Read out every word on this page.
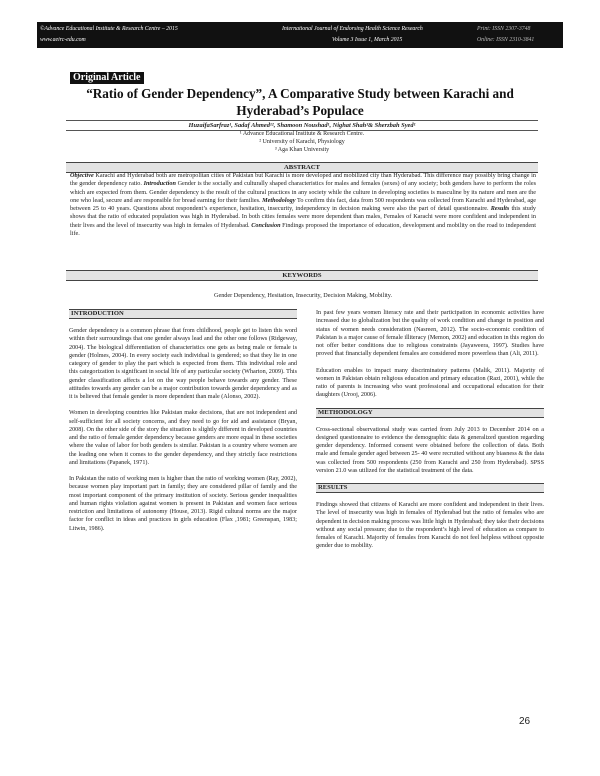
©Advance Educational Institute & Research Centre – 2015
www.aeirc-edu.com
International Journal of Endorsing Health Science Research
Volume 3 Issue 1, March 2015
Print: ISSN 2307-3748
Online: ISSN 2310-3841
Original Article
“Ratio of Gender Dependency”, A Comparative Study between Karachi and Hyderabad’s Populace
HuzaifaSarfraz¹, Sadaf Ahmed¹², Shamoon Noushad¹, Nighat Shah³& Sherzbah Syed¹
¹ Advance Educational Institute & Research Centre.
² University of Karachi, Physiology
³ Aga Khan University
ABSTRACT
Objective Karachi and Hyderabad both are metropolitan cities of Pakistan but Karachi is more developed and mobilized city than Hyderabad. This difference may possibly bring change in the gender dependency ratio. Introduction Gender is the socially and culturally shaped characteristics for males and females (sexes) of any society; both genders have to perform the roles which are expected from them. Gender dependency is the result of the cultural practices in any society while the culture in developing societies is masculine by its nature and men are the one who lead, secure and are responsible for bread earning for their families. Methodology To confirm this fact, data from 500 respondents was collected from Karachi and Hyderabad, age between 25 to 40 years. Questions about respondent’s experience, hesitation, insecurity, independency in decision making were also the part of detail questionnaire. Results this study shows that the ratio of educated population was high in Hyderabad. In both cities females were more dependent than males, Females of Karachi were more confident and independent in their lives and the level of insecurity was high in females of Hyderabad. Conclusion Findings proposed the importance of education, development and mobility on the road to independent life.
KEYWORDS
Gender Dependency, Hesitation, Insecurity, Decision Making, Mobility.
INTRODUCTION

Gender dependency is a common phrase that from childhood, people get to listen this word within their surroundings that one gender always lead and the other one follows (Ridgeway, 2004). The biological differentiation of characteristics one gets as being male or female is gender (Holmes, 2004). In every society each individual is gendered; so that they lie in one category of gender to play the part which is expected from them. This individual role and this categorization is significant in social life of any particular society (Wharton, 2009). This gender classification affects a lot on the way people behave towards any gender. These attitudes towards any gender can be a major contribution towards gender dependency and as it is believed that female gender is more dependent than male (Alonso, 2002).

Women in developing countries like Pakistan make decisions, that are not independent and self-sufficient for all society concerns, and they need to go for aid and assistance (Bryan, 2008). On the other side of the story the situation is slightly different in developed countries and the ratio of female gender dependency because genders are more equal in these societies where the value of labor for both genders is similar. Pakistan is a country where women are the leading one when it comes to the gender dependency, and they strictly face restrictions and limitations (Papanek, 1971).

In Pakistan the ratio of working men is higher than the ratio of working women (Ray, 2002), because women play important part in family; they are considered pillar of family and the most important component of the primary institution of society. Serious gender inequalities and human rights violation against women is present in Pakistan and women face serious restriction and limitations of autonomy (House, 2013). Rigid cultural norms are the major factor for conflict in ideas and practices in girls education (Flax ,1981; Greenspan, 1983; Litwin, 1986).

In past few years women literacy rate and their participation in economic activities have increased due to globalization but the quality of work condition and change in position and status of women needs consideration (Nasreen, 2012). The socio-economic condition of Pakistan is a major cause of female illiteracy (Memon, 2002) and education in this region do not offer better conditions due to religious constraints (Jayaweera, 1997). Studies have proved that financially dependent females are considered more powerless than (Ali, 2011).

Education enables to impact many discriminatory patterns (Malik, 2011). Majority of women in Pakistan obtain religious education and primary education (Razi, 2001), while the ratio of parents is increasing who want professional and occupational education for their daughters (Urooj, 2006).

METHODOLOGY

Cross-sectional observational study was carried from July 2013 to December 2014 on a designed questionnaire to evidence the demographic data & generalized question regarding gender dependency. Informed consent were obtained before the collection of data. Both male and female gender aged between 25- 40 were recruited without any biasness & the data was collected from 500 respondents (250 from Karachi and 250 from Hyderabad). SPSS version 21.0 was utilized for the statistical treatment of the data.

RESULTS

Findings showed that citizens of Karachi are more confident and independent in their lives. The level of insecurity was high in females of Hyderabad but the ratio of females who are dependent in decision making process was little high in Hyderabad; they take their decisions without any social pressure; due to the respondent’s high level of education as compare to females of Karachi. Majority of females from Karachi do not feel helpless without opposite gender due to mobility.

26
